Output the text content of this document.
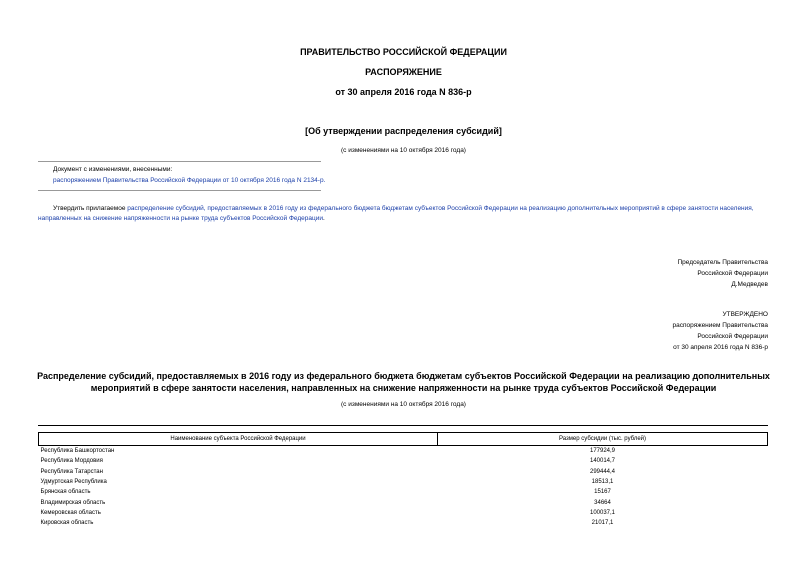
ПРАВИТЕЛЬСТВО РОССИЙСКОЙ ФЕДЕРАЦИИ
РАСПОРЯЖЕНИЕ
от 30 апреля 2016 года N 836-р
[Об утверждении распределения субсидий]
(с изменениями на 10 октября 2016 года)
Документ с изменениями, внесенными:
распоряжением Правительства Российской Федерации от 10 октября 2016 года N 2134-р.
Утвердить прилагаемое распределение субсидий, предоставляемых в 2016 году из федерального бюджета бюджетам субъектов Российской Федерации на реализацию дополнительных мероприятий в сфере занятости населения, направленных на снижение напряженности на рынке труда субъектов Российской Федерации.
Председатель Правительства
Российской Федерации
Д.Медведев
УТВЕРЖДЕНО
распоряжением Правительства
Российской Федерации
от 30 апреля 2016 года N 836-р
Распределение субсидий, предоставляемых в 2016 году из федерального бюджета бюджетам субъектов Российской Федерации на реализацию дополнительных
мероприятий в сфере занятости населения, направленных на снижение напряженности на рынке труда субъектов Российской Федерации
(с изменениями на 10 октября 2016 года)
Наименование субъекта Российской Федерации	Размер субсидии (тыс. рублей)
Республика Башкортостан	177924,9
Республика Мордовия	140014,7
Республика Татарстан	299444,4
Удмуртская Республика	18513,1
Брянская область	15167
Владимирская область	34664
Кемеровская область	100037,1
Кировская область	21017,1
